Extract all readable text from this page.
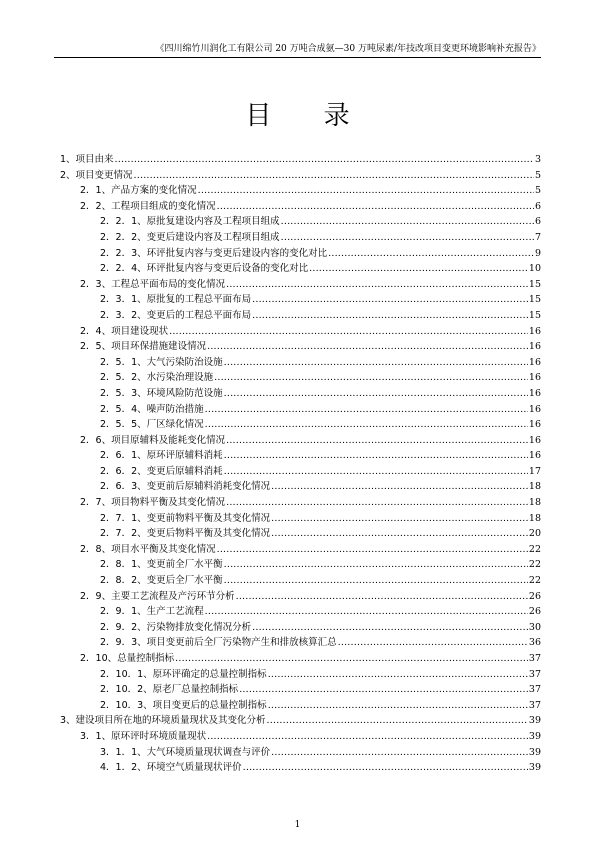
《四川绵竹川润化工有限公司 20 万吨合成氨—30 万吨尿素/年技改项目变更环境影响补充报告》
目 录
1、项目由来 .....	3
2、项目变更情况 .....	5
2．1、产品方案的变化情况 .....	5
2．2、工程项目组成的变化情况 .....	6
2．2．1、原批复建设内容及工程项目组成 .....	6
2．2．2、变更后建设内容及工程项目组成 .....	7
2．2．3、环评批复内容与变更后建设内容的变化对比 .....	9
2．2．4、环评批复内容与变更后设备的变化对比 .....	10
2．3、工程总平面布局的变化情况 .....	15
2．3．1、原批复的工程总平面布局 .....	15
2．3．2、变更后的工程总平面布局 .....	15
2．4、项目建设现状 .....	16
2．5、项目环保措施建设情况 .....	16
2．5．1、大气污染防治设施 .....	16
2．5．2、水污染治理设施 .....	16
2．5．3、环境风险防范设施 .....	16
2．5．4、噪声防治措施 .....	16
2．5．5、厂区绿化情况 .....	16
2．6、项目原辅料及能耗变化情况 .....	16
2．6．1、原环评原辅料消耗 .....	16
2．6．2、变更后原辅料消耗 .....	17
2．6．3、变更前后原辅料消耗变化情况 .....	18
2．7、项目物料平衡及其变化情况 .....	18
2．7．1、变更前物料平衡及其变化情况 .....	18
2．7．2、变更后物料平衡及其变化情况 .....	20
2．8、项目水平衡及其变化情况 .....	22
2．8．1、变更前全厂水平衡 .....	22
2．8．2、变更后全厂水平衡 .....	22
2．9、主要工艺流程及产污环节分析 .....	26
2．9．1、生产工艺流程 .....	26
2．9．2、污染物排放变化情况分析 .....	30
2．9．3、项目变更前后全厂污染物产生和排放核算汇总 .....	36
2．10、总量控制指标 .....	37
2．10．1、原环评确定的总量控制指标 .....	37
2．10．2、原老厂总量控制指标 .....	37
2．10．3、项目变更后的总量控制指标 .....	37
3、建设项目所在地的环境质量现状及其变化分析 .....	39
3．1、原环评时环境质量现状 .....	39
3．1．1、大气环境质量现状调查与评价 .....	39
4．1．2、环境空气质量现状评价 .....	39
1
